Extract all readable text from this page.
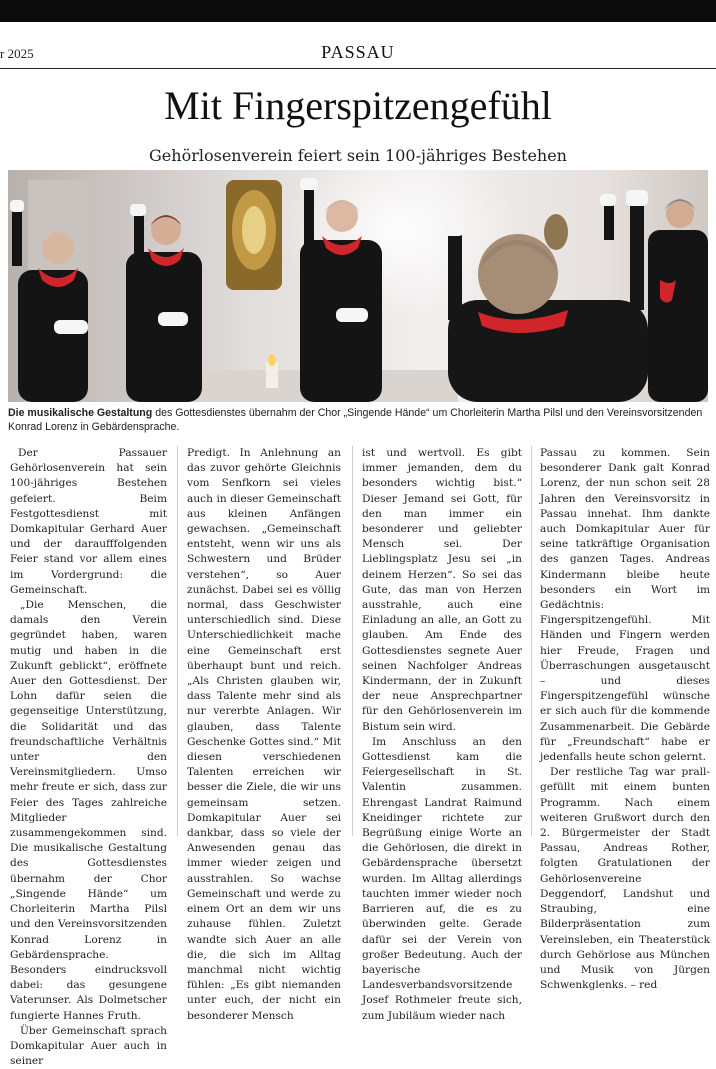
r 2025	PASSAU
Mit Fingerspitzengefühl
Gehörlosenverein feiert sein 100-jähriges Bestehen
Die musikalische Gestaltung des Gottesdienstes übernahm der Chor „Singende Hände“ um Chorleiterin Martha Pilsl und den Vereinsvorsitzenden Konrad Lorenz in Gebärdensprache.

Der Passauer Gehörlosenverein hat sein 100-jähriges Bestehen gefeiert. Beim Festgottesdienst mit Domkapitular Gerhard Auer und der daraufffolgenden Feier stand vor allem eines im Vordergrund: die Gemeinschaft.

„Die Menschen, die damals den Verein gegründet haben, waren mutig und haben in die Zukunft geblickt“, eröffnete Auer den Gottesdienst. Der Lohn dafür seien die gegenseitige Unterstützung, die Solidarität und das freundschaftliche Verhältnis unter den Vereinsmitgliedern. Umso mehr freute er sich, dass zur Feier des Tages zahlreiche Mitglieder zusammengekommen sind. Die musikalische Gestaltung des Gottesdienstes übernahm der Chor „Singende Hände“ um Chorleiterin Martha Pilsl und den Vereinsvorsitzenden Konrad Lorenz in Gebärdensprache. Besonders eindrucksvoll dabei: das gesungene Vaterunser. Als Dolmetscher fungierte Hannes Fruth.

Über Gemeinschaft sprach Domkapitular Auer auch in seiner

Predigt. In Anlehnung an das zuvor gehörte Gleichnis vom Senfkorn sei vieles auch in dieser Gemeinschaft aus kleinen Anfängen gewachsen. „Gemeinschaft entsteht, wenn wir uns als Schwestern und Brüder verstehen“, so Auer zunächst. Dabei sei es völlig normal, dass Geschwister unterschiedlich sind. Diese Unterschiedlichkeit mache eine Gemeinschaft erst überhaupt bunt und reich. „Als Christen glauben wir, dass Talente mehr sind als nur vererbte Anlagen. Wir glauben, dass Talente Geschenke Gottes sind.“ Mit diesen verschiedenen Talenten erreichen wir besser die Ziele, die wir uns gemeinsam setzen. Domkapitular Auer sei dankbar, dass so viele der Anwesenden genau das immer wieder zeigen und ausstrahlen. So wachse Gemeinschaft und werde zu einem Ort an dem wir uns zuhause fühlen. Zuletzt wandte sich Auer an alle die, die sich im Alltag manchmal nicht wichtig fühlen: „Es gibt niemanden unter euch, der nicht ein besonderer Mensch

ist und wertvoll. Es gibt immer jemanden, dem du besonders wichtig bist.“ Dieser Jemand sei Gott, für den man immer ein besonderer und geliebter Mensch sei. Der Lieblingsplatz Jesu sei „in deinem Herzen“. So sei das Gute, das man von Herzen ausstrahle, auch eine Einladung an alle, an Gott zu glauben. Am Ende des Gottesdienstes segnete Auer seinen Nachfolger Andreas Kindermann, der in Zukunft der neue Ansprechpartner für den Gehörlosenverein im Bistum sein wird.

Im Anschluss an den Gottesdienst kam die Feiergesellschaft in St. Valentin zusammen. Ehrengast Landrat Raimund Kneidinger richtete zur Begrüßung einige Worte an die Gehörlosen, die direkt in Gebärdensprache übersetzt wurden. Im Alltag allerdings tauchten immer wieder noch Barrieren auf, die es zu überwinden gelte. Gerade dafür sei der Verein von großer Bedeutung. Auch der bayerische Landesverbandsvorsitzende Josef Rothmeier freute sich, zum Jubiläum wieder nach

Passau zu kommen. Sein besonderer Dank galt Konrad Lorenz, der nun schon seit 28 Jahren den Vereinsvorsitz in Passau innehat. Ihm dankte auch Domkapitular Auer für seine tatkräftige Organisation des ganzen Tages. Andreas Kindermann bleibe heute besonders ein Wort im Gedächtnis: Fingerspitzengefühl. Mit Händen und Fingern werden hier Freude, Fragen und Überraschungen ausgetauscht – und dieses Fingerspitzengefühl wünsche er sich auch für die kommende Zusammenarbeit. Die Gebärde für „Freundschaft“ habe er jedenfalls heute schon gelernt.

Der restliche Tag war prall-gefüllt mit einem bunten Programm. Nach einem weiteren Grußwort durch den 2. Bürgermeister der Stadt Passau, Andreas Rother, folgten Gratulationen der Gehörlosenvereine Deggendorf, Landshut und Straubing, eine Bilderpräsentation zum Vereinsleben, ein Theaterstück durch Gehörlose aus München und Musik von Jürgen Schwenkglenks. – red
